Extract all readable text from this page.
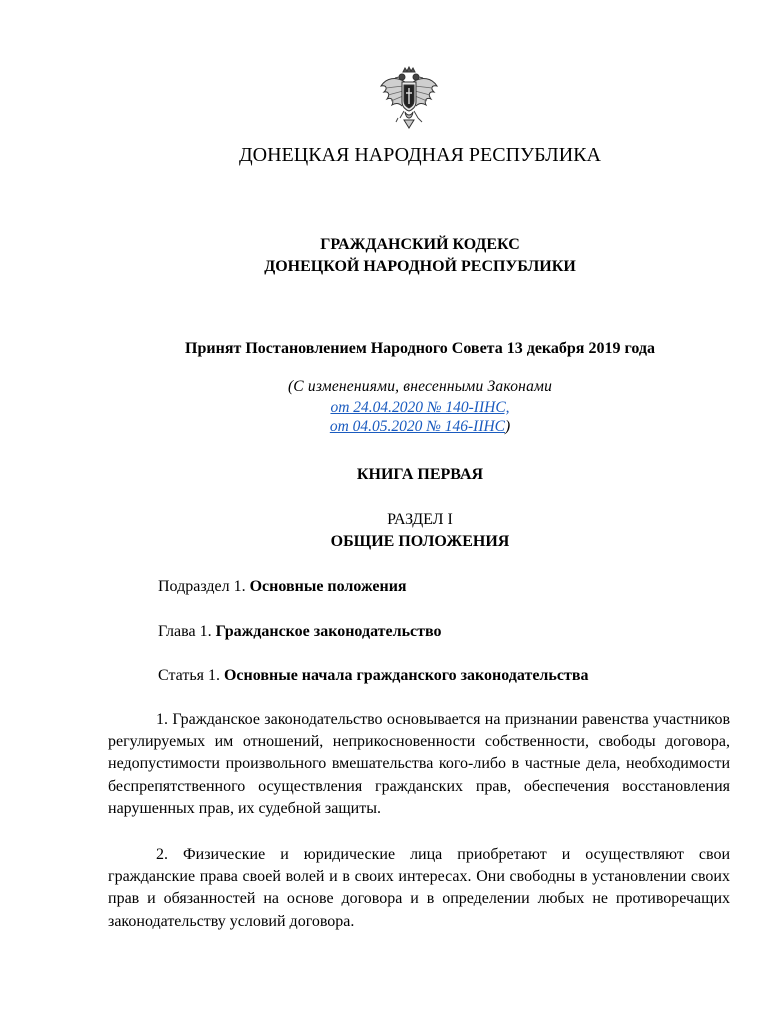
ДОНЕЦКАЯ НАРОДНАЯ РЕСПУБЛИКА
ГРАЖДАНСКИЙ КОДЕКС
ДОНЕЦКОЙ НАРОДНОЙ РЕСПУБЛИКИ
Принят Постановлением Народного Совета 13 декабря 2019 года
(С изменениями, внесенными Законами
от 24.04.2020 № 140-IIНС,
от 04.05.2020 № 146-IIНС)
КНИГА ПЕРВАЯ
РАЗДЕЛ I
ОБЩИЕ ПОЛОЖЕНИЯ
Подраздел 1. Основные положения
Глава 1. Гражданское законодательство
Статья 1. Основные начала гражданского законодательства

1. Гражданское законодательство основывается на признании равенства участников регулируемых им отношений, неприкосновенности собственности, свободы договора, недопустимости произвольного вмешательства кого-либо в частные дела, необходимости беспрепятственного осуществления гражданских прав, обеспечения восстановления нарушенных прав, их судебной защиты.

2. Физические и юридические лица приобретают и осуществляют свои гражданские права своей волей и в своих интересах. Они свободны в установлении своих прав и обязанностей на основе договора и в определении любых не противоречащих законодательству условий договора.
